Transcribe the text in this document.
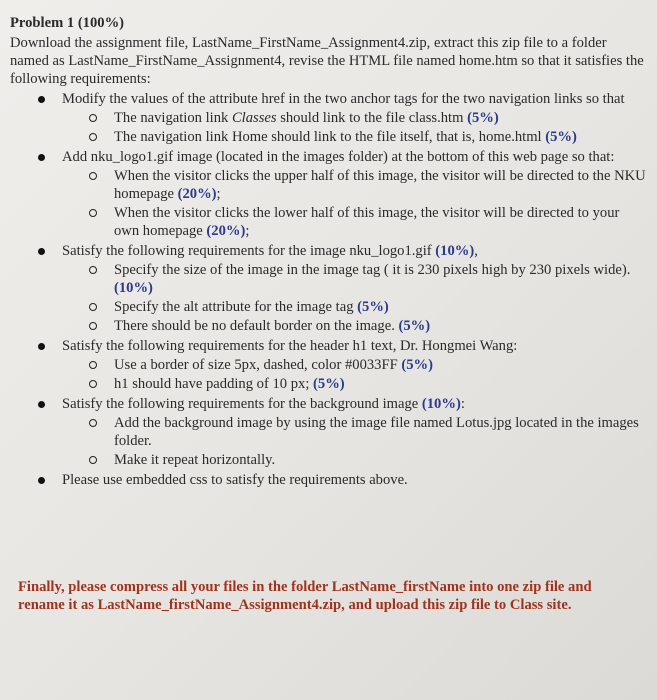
Problem 1 (100%)
Download the assignment file, LastName_FirstName_Assignment4.zip, extract this zip file to a folder named as LastName_FirstName_Assignment4, revise the HTML file named home.htm so that it satisfies the following requirements:
Modify the values of the attribute href in the two anchor tags for the two navigation links so that
The navigation link Classes should link to the file class.htm (5%)
The navigation link Home should link to the file itself, that is, home.html (5%)
Add nku_logo1.gif image (located in the images folder) at the bottom of this web page so that:
When the visitor clicks the upper half of this image, the visitor will be directed to the NKU homepage (20%);
When the visitor clicks the lower half of this image, the visitor will be directed to your own homepage (20%);
Satisfy the following requirements for the image nku_logo1.gif (10%),
Specify the size of the image in the image tag ( it is 230 pixels high by 230 pixels wide). (10%)
Specify the alt attribute for the image tag (5%)
There should be no default border on the image. (5%)
Satisfy the following requirements for the header h1 text, Dr. Hongmei Wang:
Use a border of size 5px, dashed, color #0033FF (5%)
h1 should have padding of 10 px; (5%)
Satisfy the following requirements for the background image (10%):
Add the background image by using the image file named Lotus.jpg located in the images folder.
Make it repeat horizontally.
Please use embedded css to satisfy the requirements above.
Finally, please compress all your files in the folder LastName_firstName into one zip file and rename it as LastName_firstName_Assignment4.zip, and upload this zip file to Class site.
